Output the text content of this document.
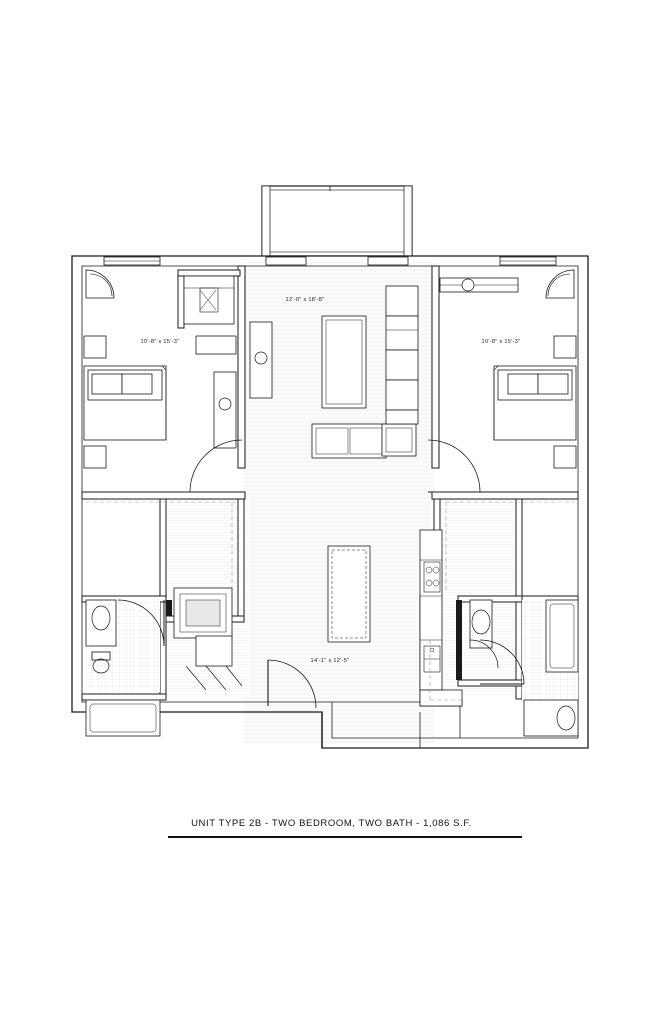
12'-0" x 18'-8"
10'-8" x 15'-3"	10'-8" x 15'-3"
14'-1" x 12'-5"
UNIT TYPE 2B - TWO BEDROOM, TWO BATH - 1,086 S.F.
